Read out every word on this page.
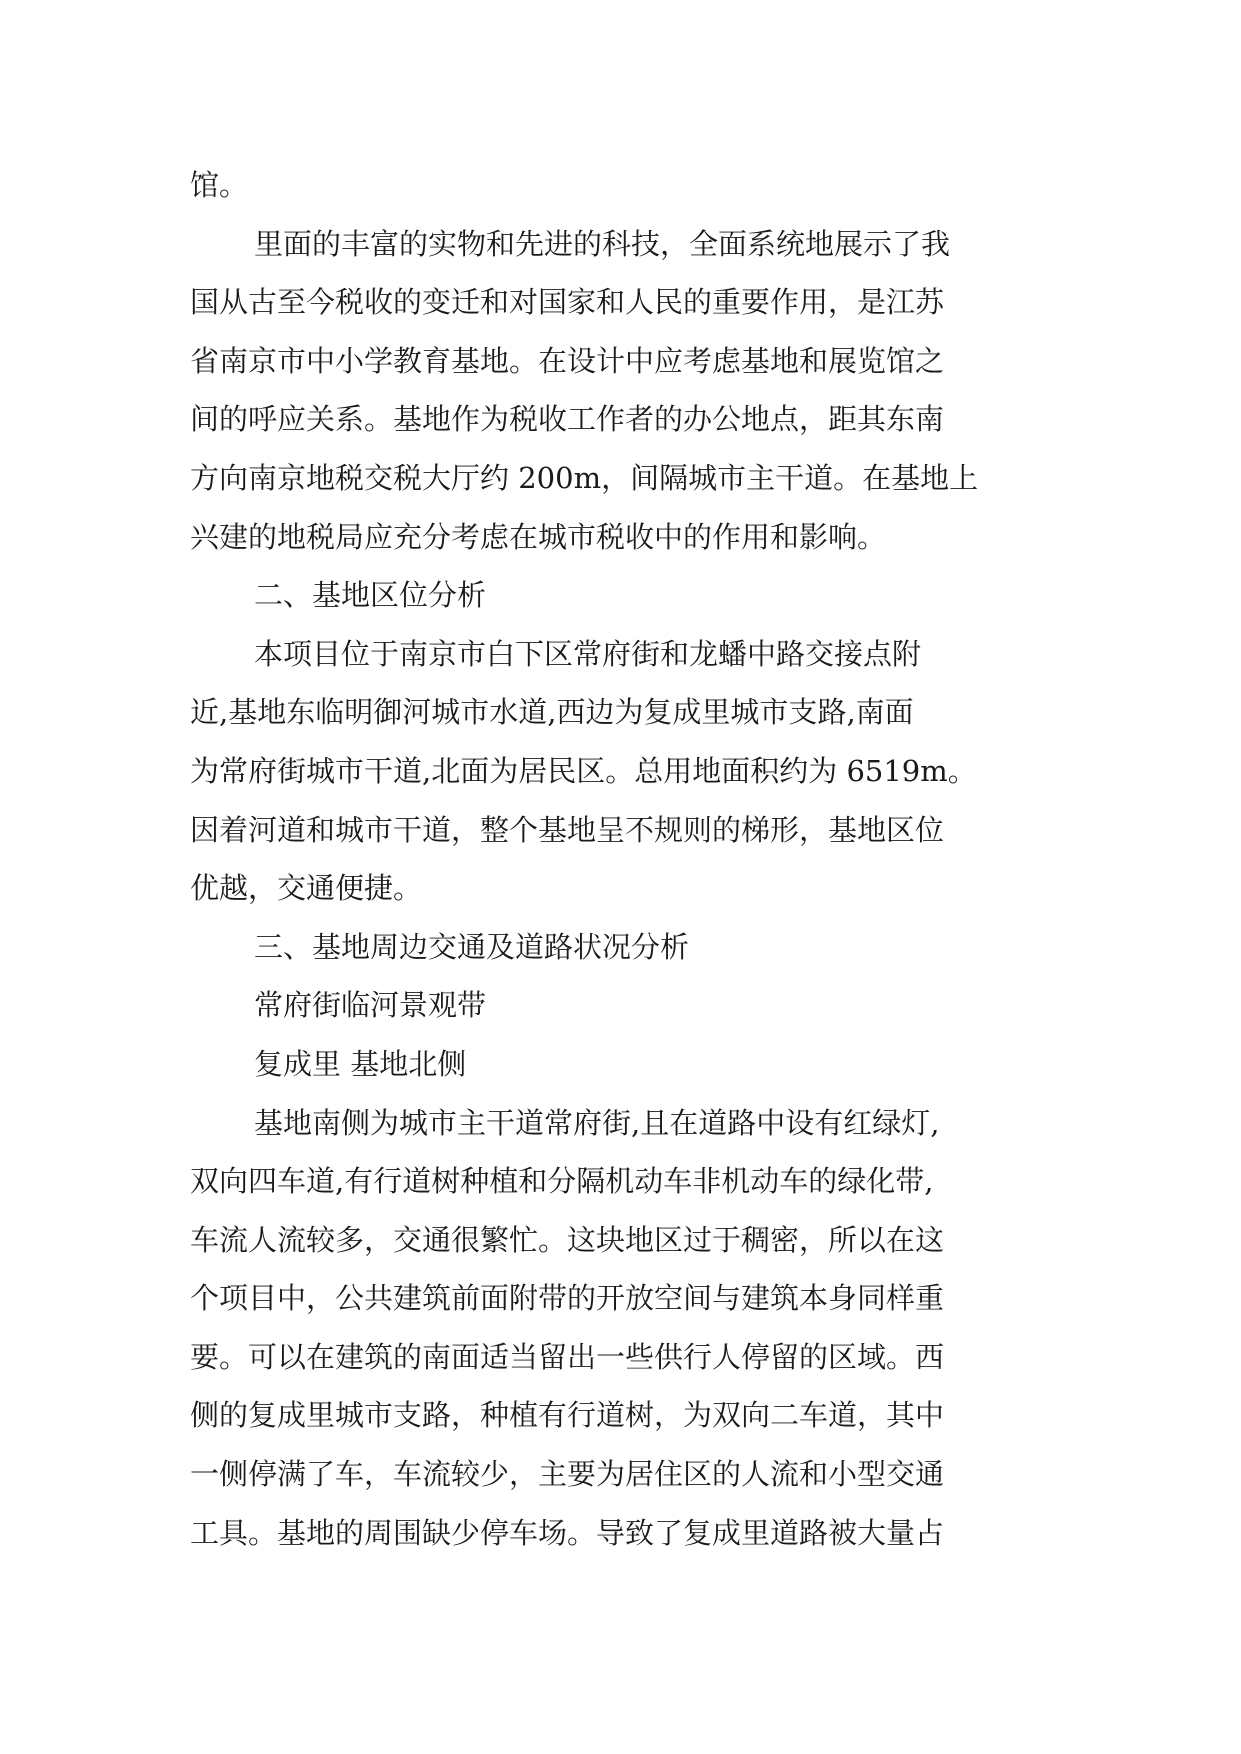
馆。
里面的丰富的实物和先进的科技，全面系统地展示了我
国从古至今税收的变迁和对国家和人民的重要作用，是江苏
省南京市中小学教育基地。在设计中应考虑基地和展览馆之
间的呼应关系。基地作为税收工作者的办公地点，距其东南
方向南京地税交税大厅约 200m，间隔城市主干道。在基地上
兴建的地税局应充分考虑在城市税收中的作用和影响。
二、基地区位分析
本项目位于南京市白下区常府街和龙蟠中路交接点附
近,基地东临明御河城市水道,西边为复成里城市支路,南面
为常府街城市干道,北面为居民区。总用地面积约为 6519m。
因着河道和城市干道，整个基地呈不规则的梯形，基地区位
优越，交通便捷。
三、基地周边交通及道路状况分析
常府街临河景观带
复成里 基地北侧
基地南侧为城市主干道常府街,且在道路中设有红绿灯,
双向四车道,有行道树种植和分隔机动车非机动车的绿化带,
车流人流较多，交通很繁忙。这块地区过于稠密，所以在这
个项目中，公共建筑前面附带的开放空间与建筑本身同样重
要。可以在建筑的南面适当留出一些供行人停留的区域。西
侧的复成里城市支路，种植有行道树，为双向二车道，其中
一侧停满了车，车流较少，主要为居住区的人流和小型交通
工具。基地的周围缺少停车场。导致了复成里道路被大量占
